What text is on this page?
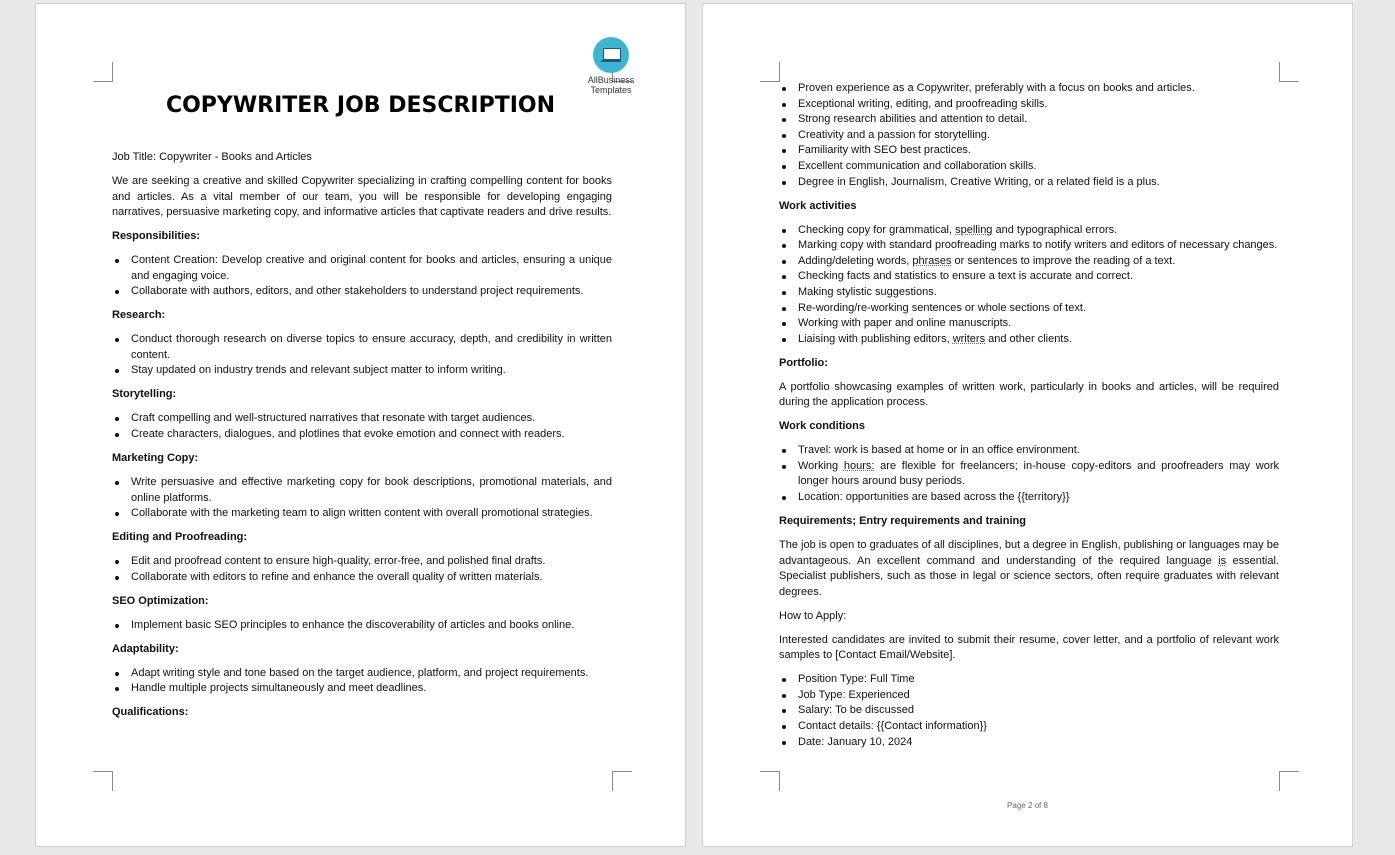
AllBusiness
Templates
COPYWRITER JOB DESCRIPTION

Job Title: Copywriter - Books and Articles

We are seeking a creative and skilled Copywriter specializing in crafting compelling content for books and articles. As a vital member of our team, you will be responsible for developing engaging narratives, persuasive marketing copy, and informative articles that captivate readers and drive results.

Responsibilities:

Content Creation: Develop creative and original content for books and articles, ensuring a unique and engaging voice.
Collaborate with authors, editors, and other stakeholders to understand project requirements.

Research:

Conduct thorough research on diverse topics to ensure accuracy, depth, and credibility in written content.
Stay updated on industry trends and relevant subject matter to inform writing.

Storytelling:

Craft compelling and well-structured narratives that resonate with target audiences.
Create characters, dialogues, and plotlines that evoke emotion and connect with readers.

Marketing Copy:

Write persuasive and effective marketing copy for book descriptions, promotional materials, and online platforms.
Collaborate with the marketing team to align written content with overall promotional strategies.

Editing and Proofreading:

Edit and proofread content to ensure high-quality, error-free, and polished final drafts.
Collaborate with editors to refine and enhance the overall quality of written materials.

SEO Optimization:

Implement basic SEO principles to enhance the discoverability of articles and books online.

Adaptability:

Adapt writing style and tone based on the target audience, platform, and project requirements.
Handle multiple projects simultaneously and meet deadlines.

Qualifications:

Proven experience as a Copywriter, preferably with a focus on books and articles.
Exceptional writing, editing, and proofreading skills.
Strong research abilities and attention to detail.
Creativity and a passion for storytelling.
Familiarity with SEO best practices.
Excellent communication and collaboration skills.
Degree in English, Journalism, Creative Writing, or a related field is a plus.

Work activities

Checking copy for grammatical, spelling and typographical errors.
Marking copy with standard proofreading marks to notify writers and editors of necessary changes.
Adding/deleting words, phrases or sentences to improve the reading of a text.
Checking facts and statistics to ensure a text is accurate and correct.
Making stylistic suggestions.
Re-wording/re-working sentences or whole sections of text.
Working with paper and online manuscripts.
Liaising with publishing editors, writers and other clients.

Portfolio:

A portfolio showcasing examples of written work, particularly in books and articles, will be required during the application process.

Work conditions

Travel: work is based at home or in an office environment.
Working hours: are flexible for freelancers; in-house copy-editors and proofreaders may work longer hours around busy periods.
Location: opportunities are based across the {{territory}}

Requirements; Entry requirements and training

The job is open to graduates of all disciplines, but a degree in English, publishing or languages may be advantageous. An excellent command and understanding of the required language is essential. Specialist publishers, such as those in legal or science sectors, often require graduates with relevant degrees.

How to Apply:

Interested candidates are invited to submit their resume, cover letter, and a portfolio of relevant work samples to [Contact Email/Website].

Position Type: Full Time
Job Type: Experienced
Salary: To be discussed
Contact details: {{Contact information}}
Date: January 10, 2024
Page 2 of 8
